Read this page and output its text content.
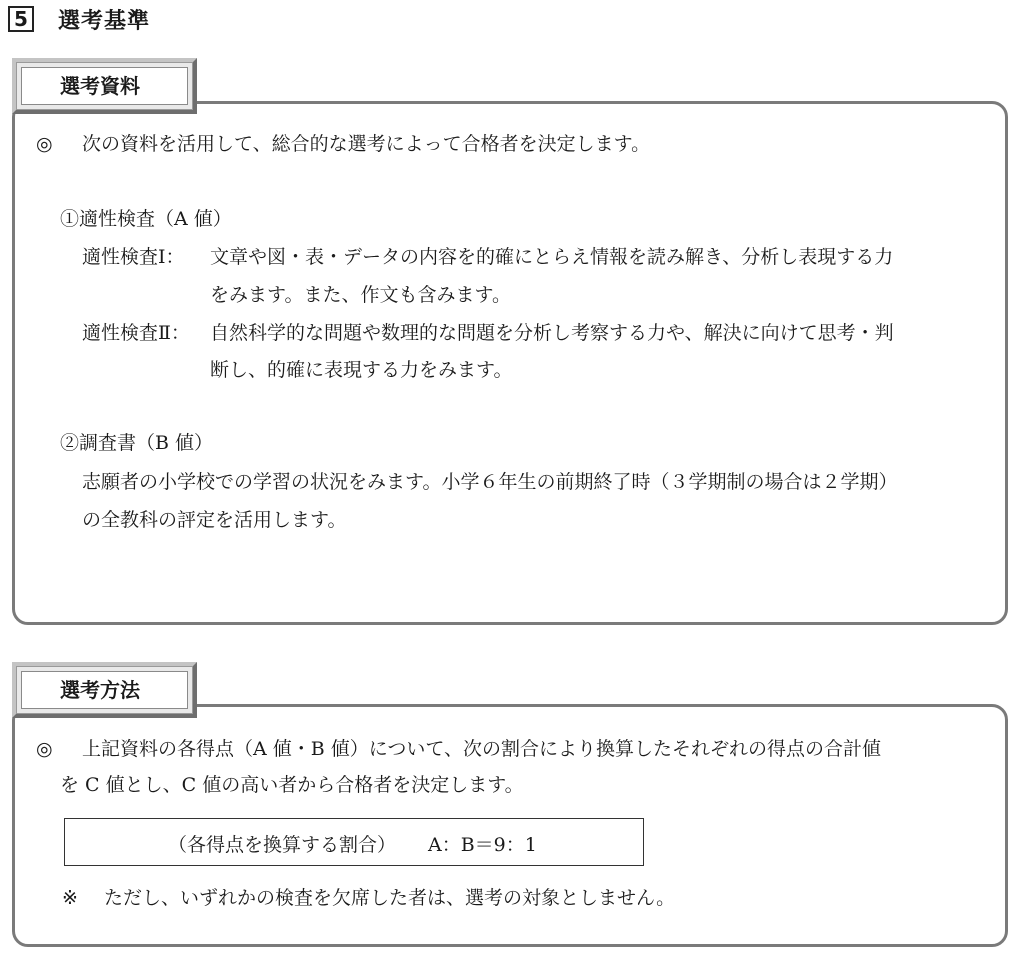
5 選考基準
選考資料
◎ 次の資料を活用して、総合的な選考によって合格者を決定します。
①適性検査（A 値）
適性検査Ⅰ： 文章や図・表・データの内容を的確にとらえ情報を読み解き、分析し表現する力
をみます。また、作文も含みます。
適性検査Ⅱ： 自然科学的な問題や数理的な問題を分析し考察する力や、解決に向けて思考・判
断し、的確に表現する力をみます。
②調査書（B 値）
志願者の小学校での学習の状況をみます。小学６年生の前期終了時（３学期制の場合は２学期）
の全教科の評定を活用します。
選考方法
◎ 上記資料の各得点（A 値・B 値）について、次の割合により換算したそれぞれの得点の合計値
を C 値とし、C 値の高い者から合格者を決定します。
（各得点を換算する割合） A：B＝9：1
※ ただし、いずれかの検査を欠席した者は、選考の対象としません。
